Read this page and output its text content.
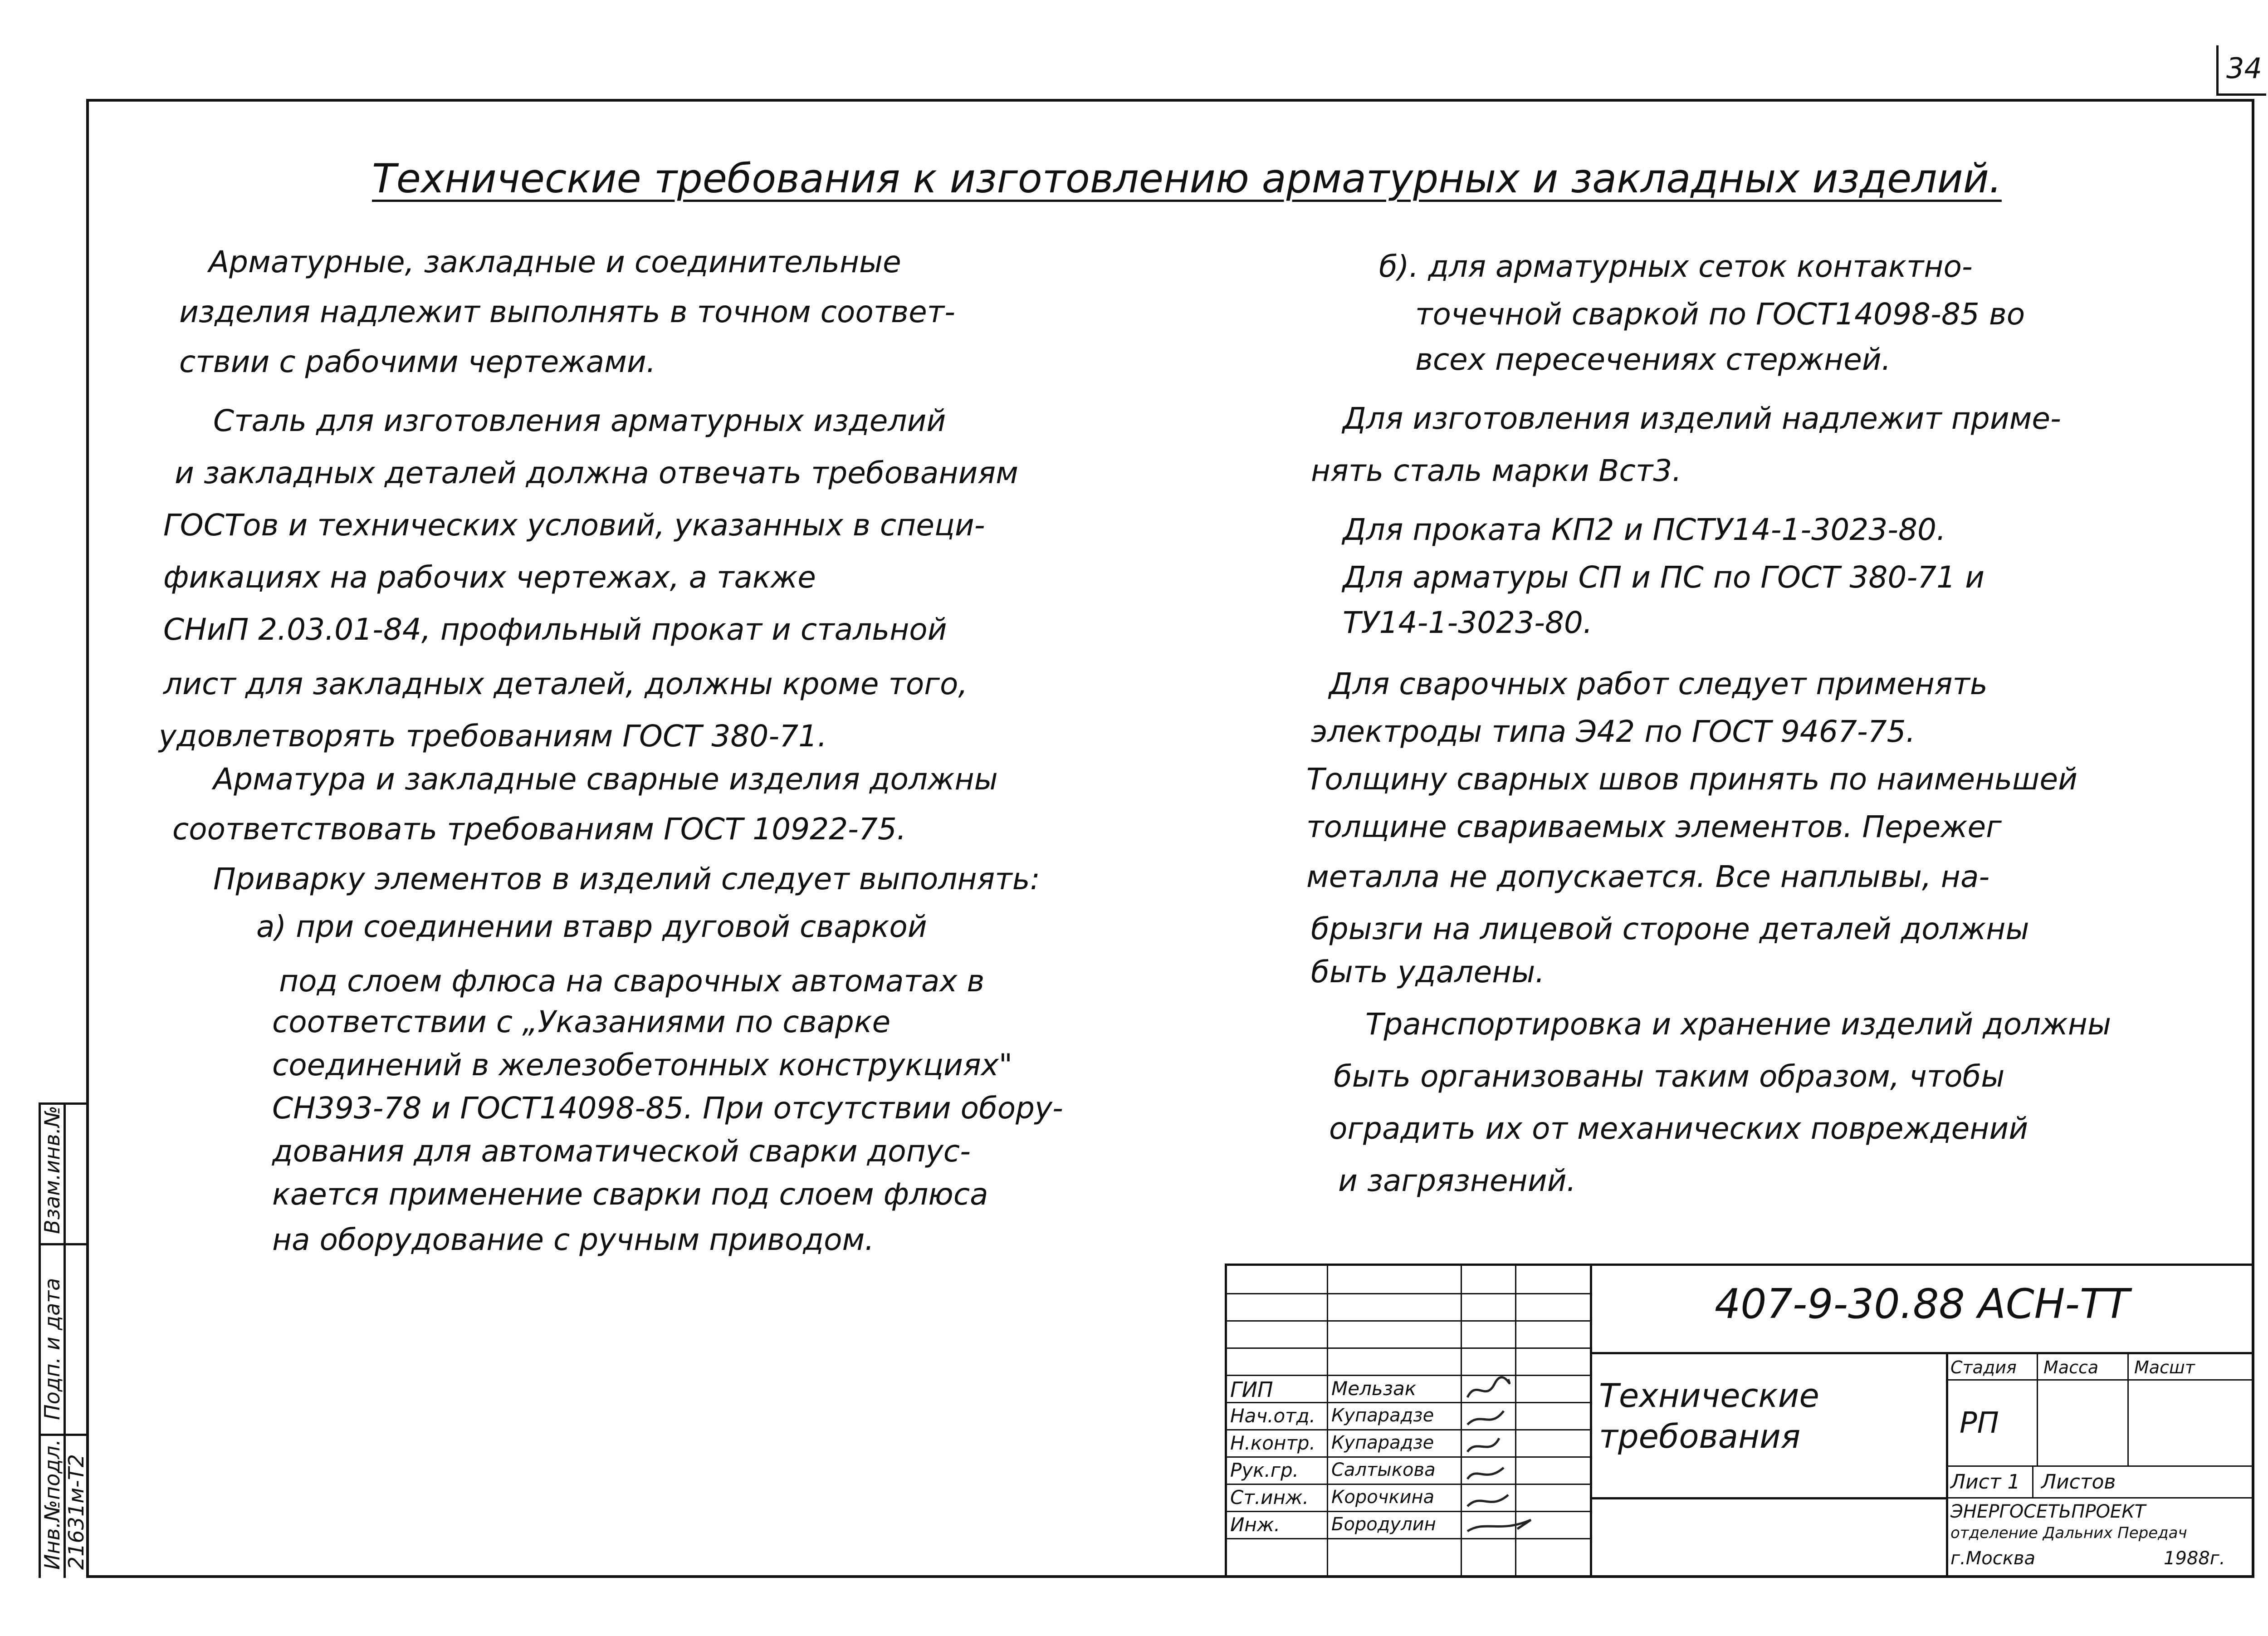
34
Технические требования к изготовлению арматурных и закладных изделий.
Арматурные, закладные и соединительные
изделия надлежит выполнять в точном соответ-
ствии с рабочими чертежами.
Сталь для изготовления арматурных изделий
и закладных деталей должна отвечать требованиям
ГОСТов и технических условий, указанных в специ-
фикациях на рабочих чертежах, а также
СНиП 2.03.01-84, профильный прокат и стальной
лист для закладных деталей, должны кроме того,
удовлетворять требованиям ГОСТ 380-71.
Арматура и закладные сварные изделия должны
соответствовать требованиям ГОСТ 10922-75.
Приварку элементов в изделий следует выполнять:
а) при соединении втавр дуговой сваркой
под слоем флюса на сварочных автоматах в
соответствии с „Указаниями по сварке
соединений в железобетонных конструкциях"
СН393-78 и ГОСТ14098-85. При отсутствии обору-
дования для автоматической сварки допус-
кается применение сварки под слоем флюса
на оборудование с ручным приводом.
б). для арматурных сеток контактно-
точечной сваркой по ГОСТ14098-85 во
всех пересечениях стержней.
Для изготовления изделий надлежит приме-
нять сталь марки Вст3.
Для проката КП2 и ПСТУ14-1-3023-80.
Для арматуры СП и ПС по ГОСТ 380-71 и
ТУ14-1-3023-80.
Для сварочных работ следует применять
электроды типа Э42 по ГОСТ 9467-75.
Толщину сварных швов принять по наименьшей
толщине свариваемых элементов. Пережег
металла не допускается. Все наплывы, на-
брызги на лицевой стороне деталей должны
быть удалены.
Транспортировка и хранение изделий должны
быть организованы таким образом, чтобы
оградить их от механических повреждений
и загрязнений.
Взам.инв.№
Подп. и дата
Инв.№подл. 21631м-Т2
ГИП	Мельзак
Нач.отд. Купарадзе
Н.контр. Купарадзе
Рук.гр. Салтыкова
Ст.инж. Корочкина
Инж.	Бородулин
407-9-30.88 АСН-ТТ
Технические
требования
Стадия Масса Масшт
РП
Лист 1 Листов
ЭНЕРГОСЕТЬПРОЕКТ
отделение Дальних Передач
г.Москва	1988г.
